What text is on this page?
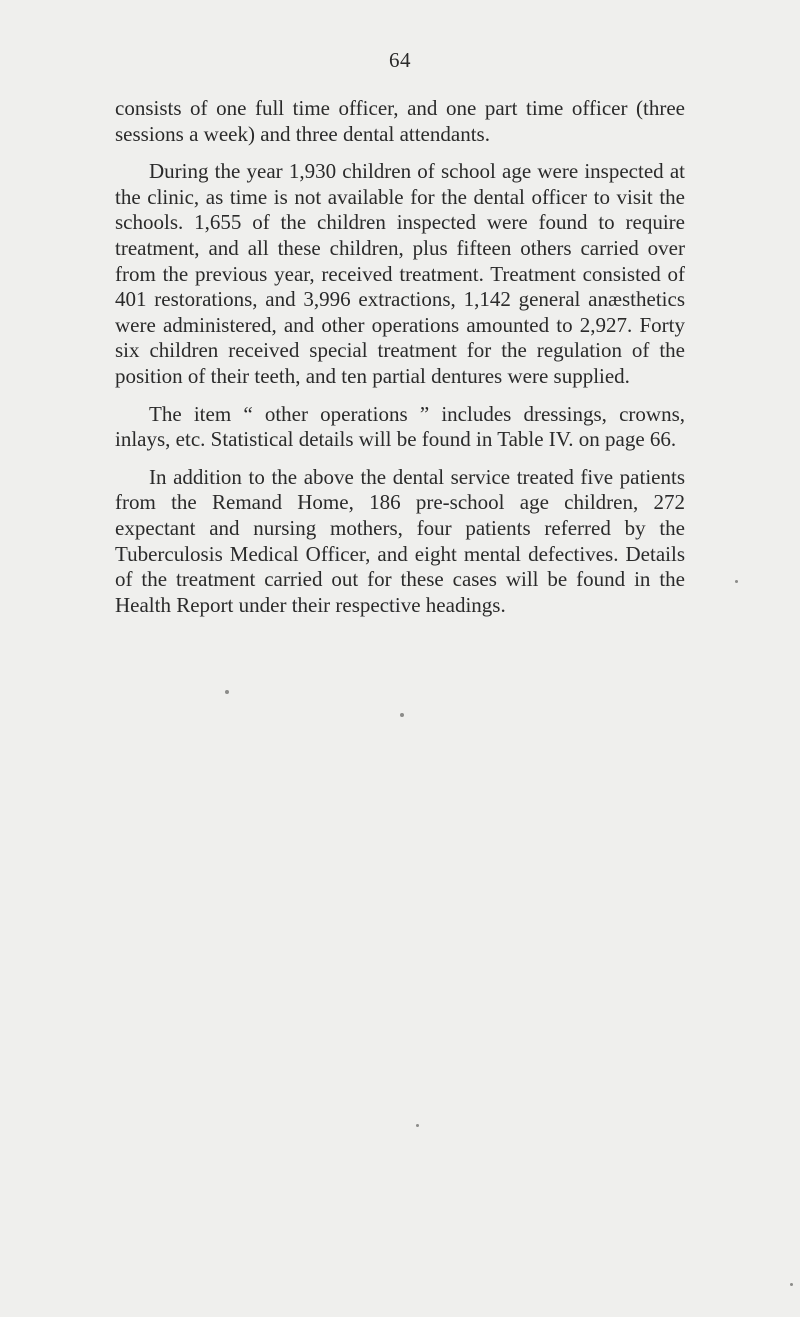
64

consists of one full time officer, and one part time officer (three sessions a week) and three dental attendants.

During the year 1,930 children of school age were inspected at the clinic, as time is not available for the dental officer to visit the schools. 1,655 of the children inspected were found to require treatment, and all these children, plus fifteen others carried over from the previous year, received treatment. Treatment consisted of 401 restorations, and 3,996 extractions, 1,142 general anæsthetics were administered, and other operations amounted to 2,927. Forty six children received special treatment for the regulation of the position of their teeth, and ten partial dentures were supplied.

The item “ other operations ” includes dressings, crowns, inlays, etc. Statistical details will be found in Table IV. on page 66.

In addition to the above the dental service treated five patients from the Remand Home, 186 pre-school age children, 272 expectant and nursing mothers, four patients referred by the Tuberculosis Medical Officer, and eight mental defectives. Details of the treatment carried out for these cases will be found in the Health Report under their respective headings.
